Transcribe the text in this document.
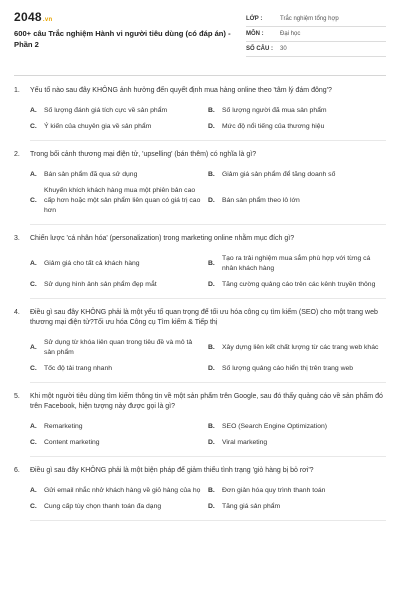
2048.vn
600+ câu Trắc nghiệm Hành vi người tiêu dùng (có đáp án) - Phần 2
LỚP :	Trắc nghiệm tổng hợp
MÔN :	Đại học
SỐ CÂU :	30
1.	Yếu tố nào sau đây KHÔNG ảnh hưởng đến quyết định mua hàng online theo 'tâm lý đám đông'?
A.	Số lượng đánh giá tích cực về sản phẩm	B.	Số lượng người đã mua sản phẩm
C.	Ý kiến của chuyên gia về sản phẩm	D.	Mức độ nổi tiếng của thương hiệu
2.	Trong bối cảnh thương mại điện tử, 'upselling' (bán thêm) có nghĩa là gì?
A.	Bán sản phẩm đã qua sử dụng	B.	Giảm giá sản phẩm để tăng doanh số
C.
Khuyến khích khách hàng mua một phiên bản cao cấp hơn hoặc một sản phẩm liên quan có giá trị cao hơn
D.	Bán sản phẩm theo lô lớn
3.	Chiến lược 'cá nhân hóa' (personalization) trong marketing online nhằm mục đích gì?
A.	Giảm giá cho tất cả khách hàng	B.
Tạo ra trải nghiệm mua sắm phù hợp với từng cá nhân khách hàng
C.	Sử dụng hình ảnh sản phẩm đẹp mắt	D.	Tăng cường quảng cáo trên các kênh truyền thông
4.	Điều gì sau đây KHÔNG phải là một yếu tố quan trọng để tối ưu hóa công cụ tìm kiếm (SEO) cho một trang web thương mại điện tử?Tối ưu hóa Công cụ Tìm kiếm & Tiếp thị
A.
Sử dụng từ khóa liên quan trong tiêu đề và mô tả sản phẩm
B.	Xây dựng liên kết chất lượng từ các trang web khác
C.	Tốc độ tải trang nhanh	D.	Số lượng quảng cáo hiển thị trên trang web
5.	Khi một người tiêu dùng tìm kiếm thông tin về một sản phẩm trên Google, sau đó thấy quảng cáo về sản phẩm đó trên Facebook, hiện tượng này được gọi là gì?
A.	Remarketing	B.	SEO (Search Engine Optimization)
C.	Content marketing	D.	Viral marketing
6.	Điều gì sau đây KHÔNG phải là một biện pháp để giảm thiểu tình trạng 'giỏ hàng bị bỏ rơi'?
A.	Gửi email nhắc nhở khách hàng về giỏ hàng của họ B.	Đơn giản hóa quy trình thanh toán
C.	Cung cấp tùy chọn thanh toán đa dạng	D.	Tăng giá sản phẩm
